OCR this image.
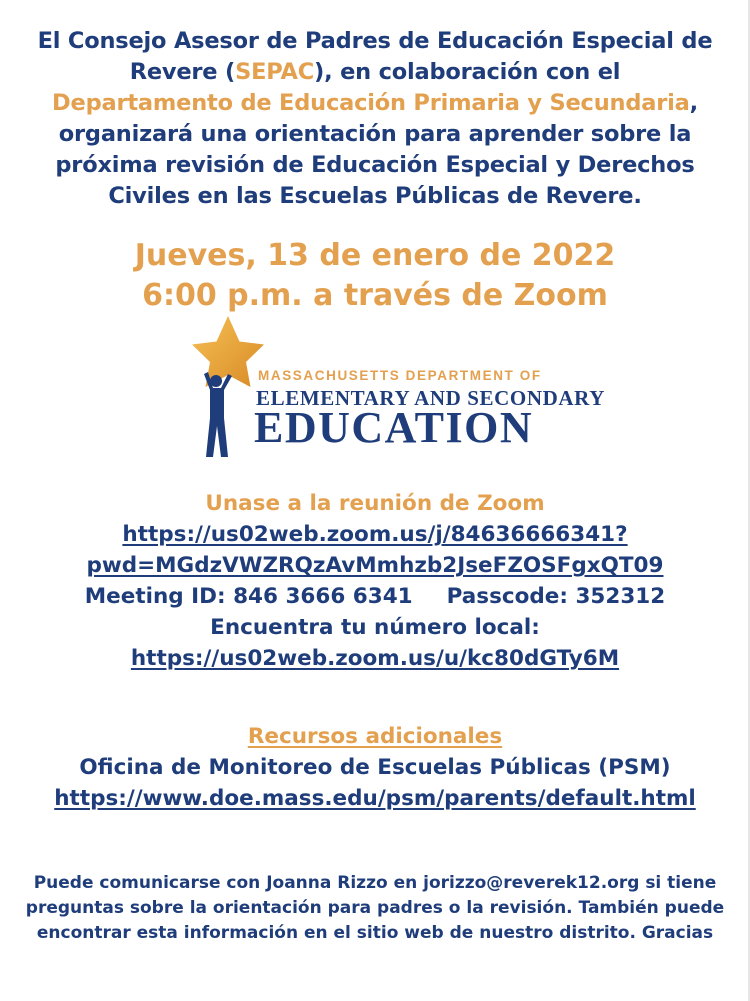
El Consejo Asesor de Padres de Educación Especial de Revere (SEPAC), en colaboración con el
Departamento de Educación Primaria y Secundaria, organizará una orientación para aprender sobre la próxima revisión de Educación Especial y Derechos Civiles en las Escuelas Públicas de Revere.
Jueves, 13 de enero de 2022
6:00 p.m. a través de Zoom
MASSACHUSETTS DEPARTMENT OF
ELEMENTARY AND SECONDARY
EDUCATION
Unase a la reunión de Zoom
https://us02web.zoom.us/j/84636666341?
pwd=MGdzVWZRQzAvMmhzb2JseFZOSFgxQT09
Meeting ID: 846 3666 6341 Passcode: 352312
Encuentra tu número local:
https://us02web.zoom.us/u/kc80dGTy6M
Recursos adicionales
Oficina de Monitoreo de Escuelas Públicas (PSM)
https://www.doe.mass.edu/psm/parents/default.html
Puede comunicarse con Joanna Rizzo en jorizzo@reverek12.org si tiene preguntas sobre la orientación para padres o la revisión. También puede encontrar esta información en el sitio web de nuestro distrito. Gracias
